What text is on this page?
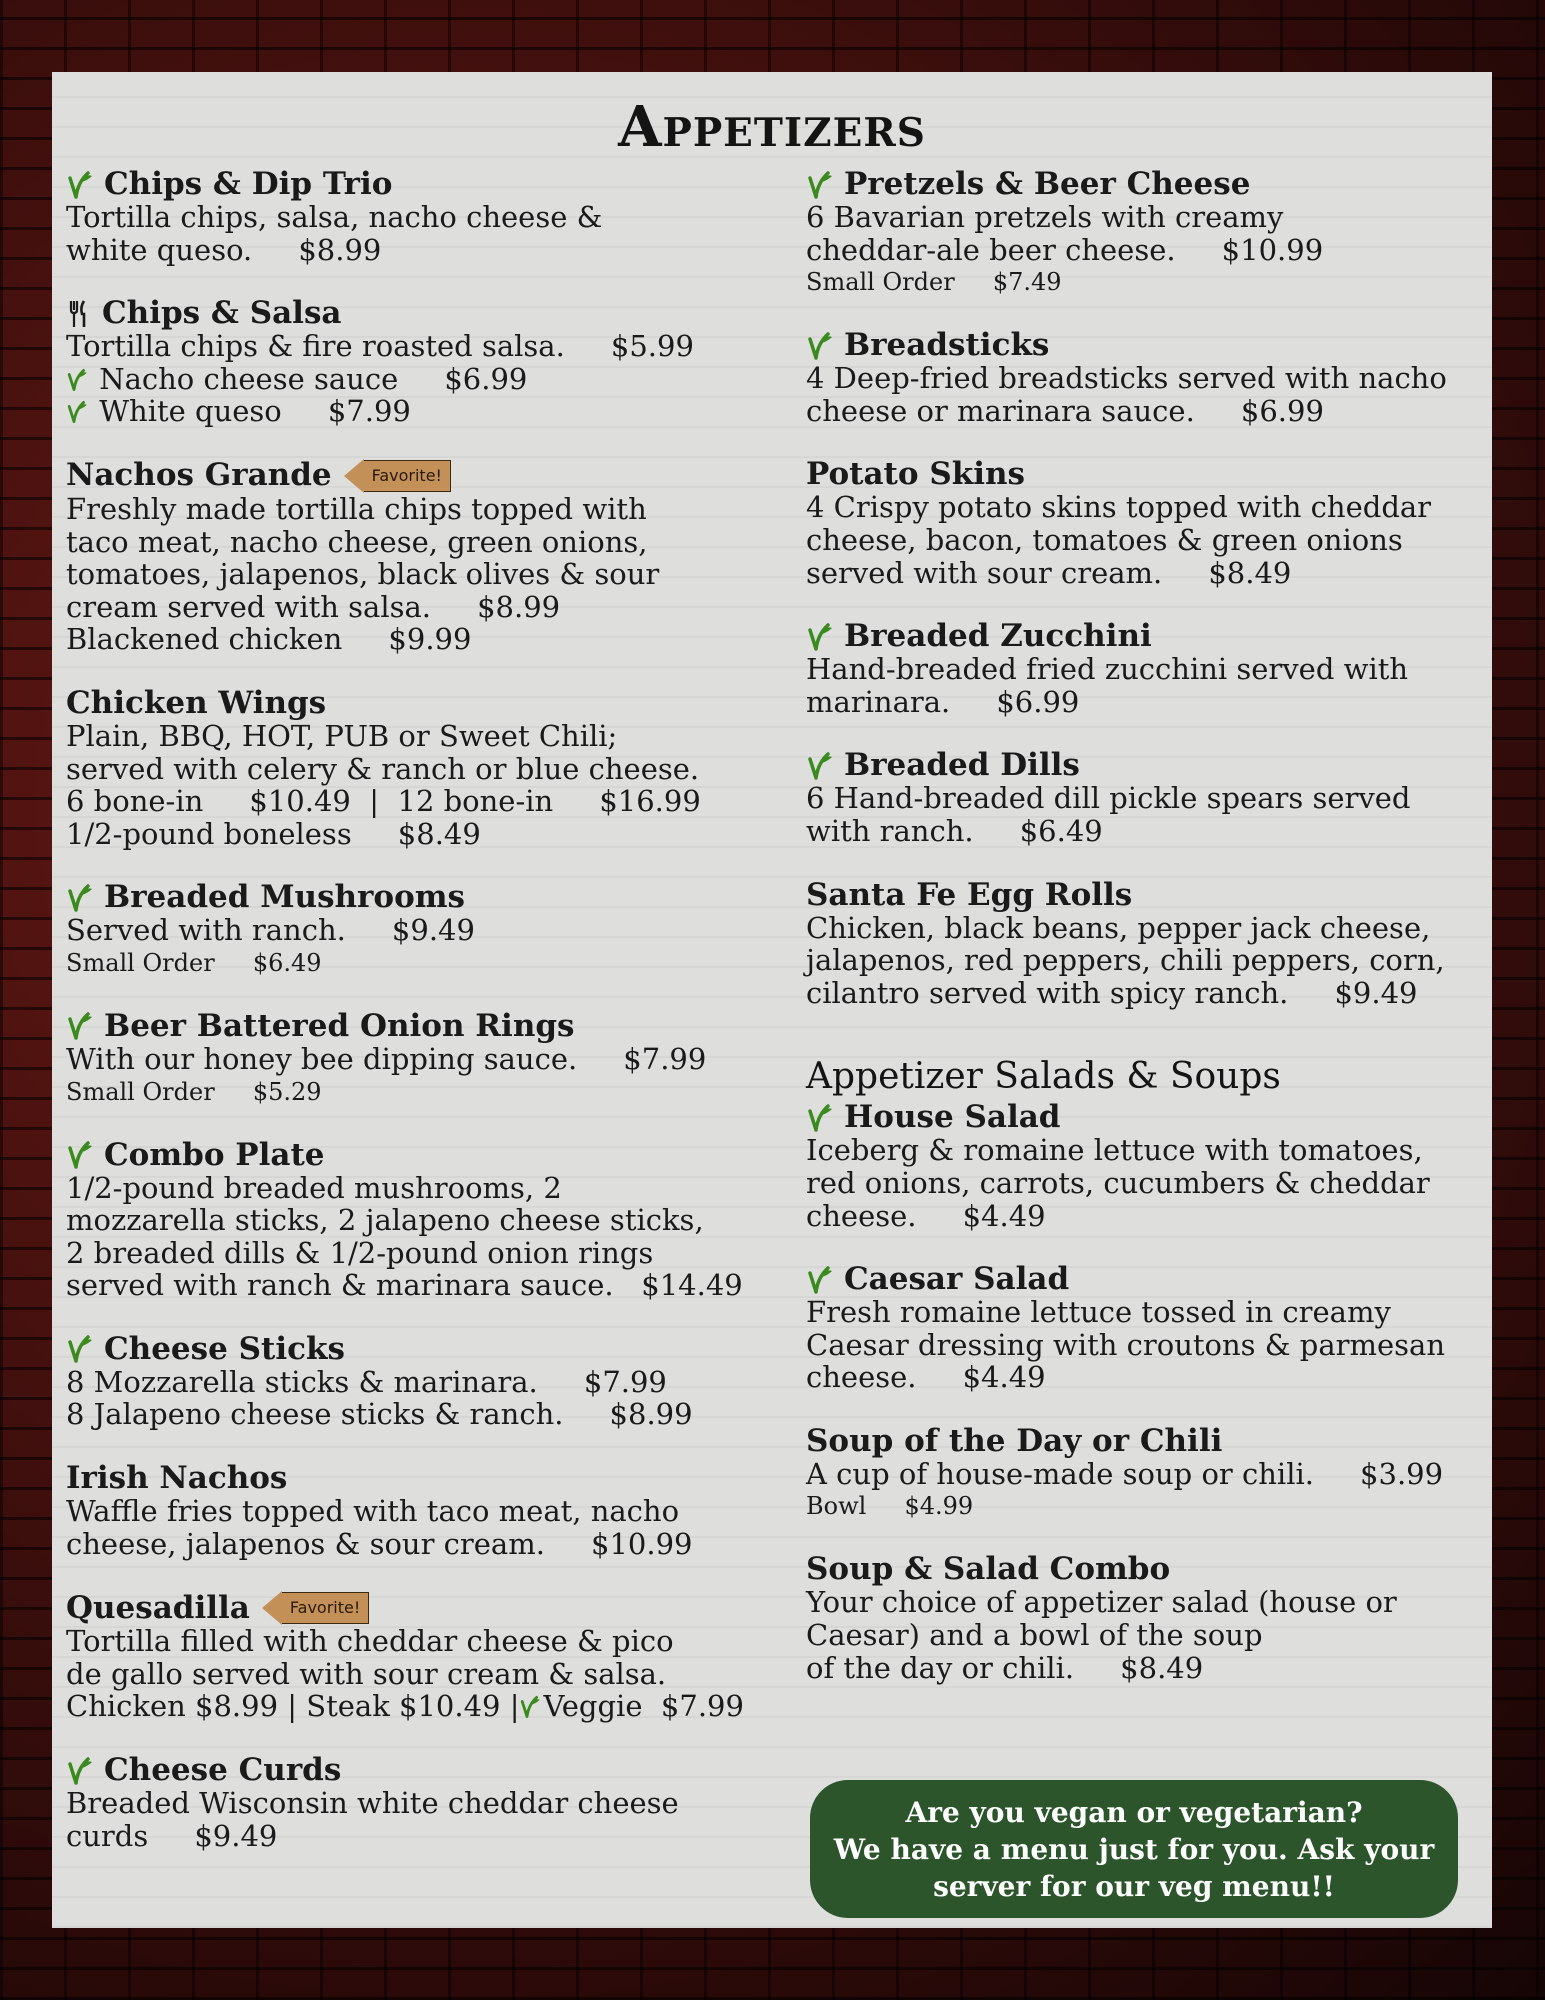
Appetizers
Chips & Dip Trio
Tortilla chips, salsa, nacho cheese &
white queso.     $8.99
Chips & Salsa
Tortilla chips & fire roasted salsa.     $5.99
Nacho cheese sauce     $6.99
White queso     $7.99
Nachos Grande	Favorite!
Freshly made tortilla chips topped with
taco meat, nacho cheese, green onions,
tomatoes, jalapenos, black olives & sour
cream served with salsa.     $8.99
Blackened chicken     $9.99
Chicken Wings
Plain, BBQ, HOT, PUB or Sweet Chili;
served with celery & ranch or blue cheese.
6 bone-in     $10.49  |  12 bone-in     $16.99
1/2-pound boneless     $8.49
Breaded Mushrooms
Served with ranch.     $9.49
Small Order     $6.49
Beer Battered Onion Rings
With our honey bee dipping sauce.     $7.99
Small Order     $5.29
Combo Plate
1/2-pound breaded mushrooms, 2
mozzarella sticks, 2 jalapeno cheese sticks,
2 breaded dills & 1/2-pound onion rings
served with ranch & marinara sauce.   $14.49
Cheese Sticks
8 Mozzarella sticks & marinara.     $7.99
8 Jalapeno cheese sticks & ranch.     $8.99
Irish Nachos
Waffle fries topped with taco meat, nacho
cheese, jalapenos & sour cream.     $10.99
Quesadilla	Favorite!
Tortilla filled with cheddar cheese & pico
de gallo served with sour cream & salsa.
Chicken $8.99 | Steak $10.49 | Veggie  $7.99
Cheese Curds
Breaded Wisconsin white cheddar cheese
curds     $9.49
Pretzels & Beer Cheese
6 Bavarian pretzels with creamy
cheddar-ale beer cheese.     $10.99
Small Order     $7.49
Breadsticks
4 Deep-fried breadsticks served with nacho
cheese or marinara sauce.     $6.99
Potato Skins
4 Crispy potato skins topped with cheddar
cheese, bacon, tomatoes & green onions
served with sour cream.     $8.49
Breaded Zucchini
Hand-breaded fried zucchini served with
marinara.     $6.99
Breaded Dills
6 Hand-breaded dill pickle spears served
with ranch.     $6.49
Santa Fe Egg Rolls
Chicken, black beans, pepper jack cheese,
jalapenos, red peppers, chili peppers, corn,
cilantro served with spicy ranch.     $9.49
Appetizer Salads & Soups
House Salad
Iceberg & romaine lettuce with tomatoes,
red onions, carrots, cucumbers & cheddar
cheese.     $4.49
Caesar Salad
Fresh romaine lettuce tossed in creamy
Caesar dressing with croutons & parmesan
cheese.     $4.49
Soup of the Day or Chili
A cup of house-made soup or chili.     $3.99
Bowl     $4.99
Soup & Salad Combo
Your choice of appetizer salad (house or
Caesar) and a bowl of the soup
of the day or chili.     $8.49
Are you vegan or vegetarian?
We have a menu just for you. Ask your
server for our veg menu!!
